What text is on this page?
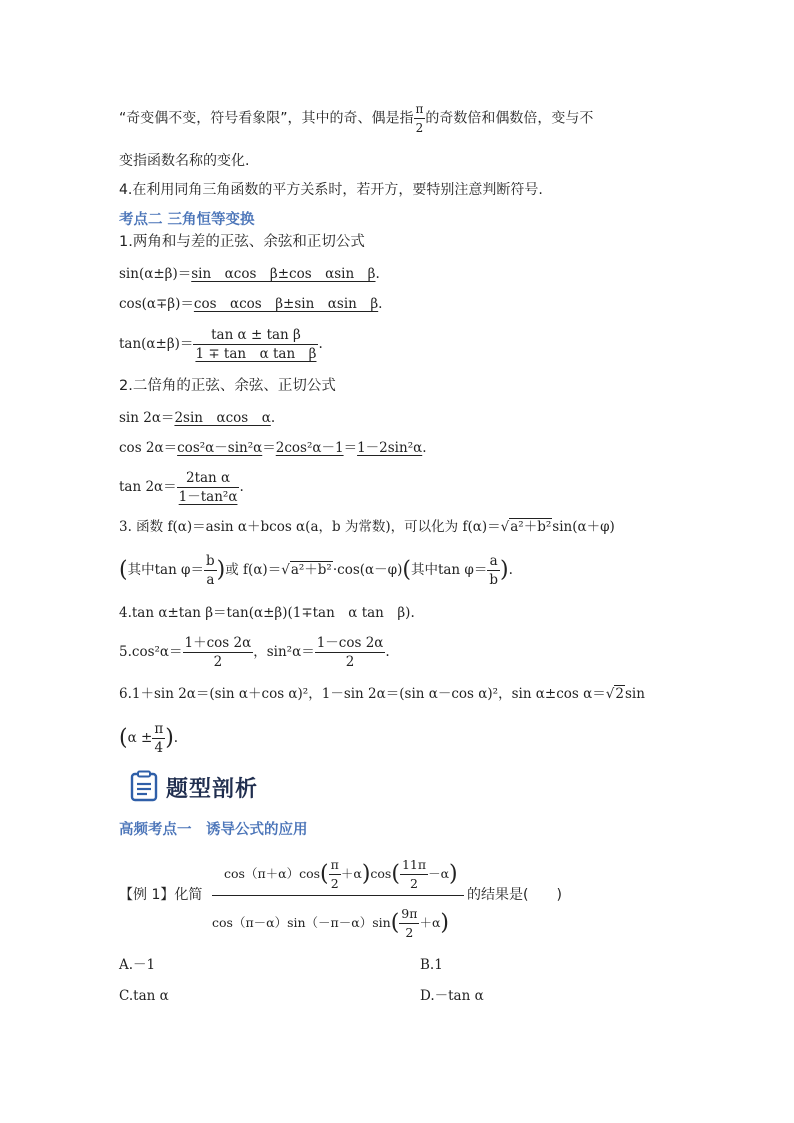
“奇变偶不变，符号看象限”，其中的奇、偶是指 $\frac{\pi}{2}$ 的奇数倍和偶数倍，变与不
变指函数名称的变化.
4.在利用同角三角函数的平方关系时，若开方，要特别注意判断符号.
考点二 三角恒等变换
1.两角和与差的正弦、余弦和正切公式
sin(α±β)＝sin　αcos　β±cos　αsin　β.
cos(α∓β)＝cos　αcos　β±sin　αsin　β.
$\tan(\alpha\pm\beta)= \frac{\text{tan α ± tan β}}{\text{1 ∓ tan　α tan　β}}$ .
2.二倍角的正弦、余弦、正切公式
sin 2α＝2sin　αcos　α.
cos 2α＝cos²α－sin²α＝2cos²α－1＝1－2sin²α.
$\tan 2\alpha= \frac{\text{2tan α}}{\text{1－tan²α}}$ .
3. 函数 f(α)＝asin α＋bcos α(a，b 为常数)，可以化为 f(α)＝√a²＋b²sin(α＋φ)
(其中$\tan \varphi= \frac{b}{a}$ )或 f(α)＝√a²＋b²·cos(α－φ)(其中$\tan \varphi= \frac{a}{b}$ ).
4.tan α±tan β＝tan(α±β)(1∓tan　α tan　β).
$5.\cos^2\alpha= \frac{1+\cos 2\alpha}{2}$ ，$\sin^2\alpha= \frac{1-\cos 2\alpha}{2}$ .
6.1＋sin 2α＝(sin α＋cos α)²，1－sin 2α＝(sin α－cos α)²，sin α±cos α＝√2sin
($\alpha \pm \frac{\pi}{4}$ ).
题型剖析
高频考点一　诱导公式的应用
【例 1】化简
$\cos(\pi+\alpha)\cos( \frac{\pi}{2} +\alpha)\cos( \frac{11\pi}{2} -\alpha)$
$\cos(\pi-\alpha)\sin(-\pi-\alpha)\sin( \frac{9\pi}{2} +\alpha)$
的结果是(　　)
A.－1	B.1
C.tan α	D.－tan α
